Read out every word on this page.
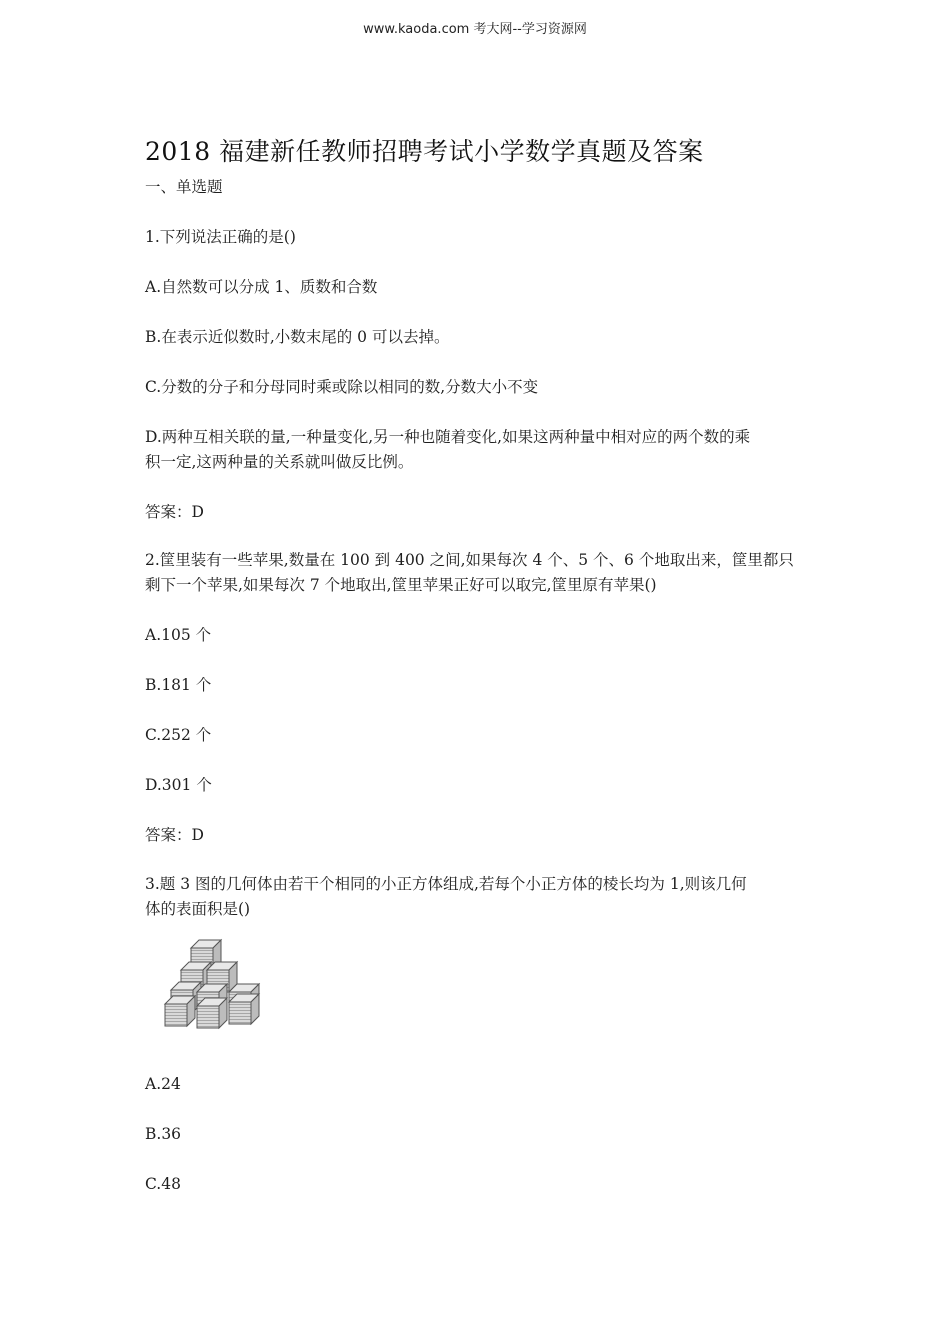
www.kaoda.com 考大网--学习资源网
2018 福建新任教师招聘考试小学数学真题及答案
一、单选题
1.下列说法正确的是()
A.自然数可以分成 1、质数和合数
B.在表示近似数时,小数末尾的 0 可以去掉。
C.分数的分子和分母同时乘或除以相同的数,分数大小不变
D.两种互相关联的量,一种量变化,另一种也随着变化,如果这两种量中相对应的两个数的乘
积一定,这两种量的关系就叫做反比例。
答案：D
2.筐里装有一些苹果,数量在 100 到 400 之间,如果每次 4 个、5 个、6 个地取出来，筐里都只
剩下一个苹果,如果每次 7 个地取出,筐里苹果正好可以取完,筐里原有苹果()
A.105 个
B.181 个
C.252 个
D.301 个
答案：D
3.题 3 图的几何体由若干个相同的小正方体组成,若每个小正方体的棱长均为 1,则该几何
体的表面积是()
A.24
B.36
C.48
